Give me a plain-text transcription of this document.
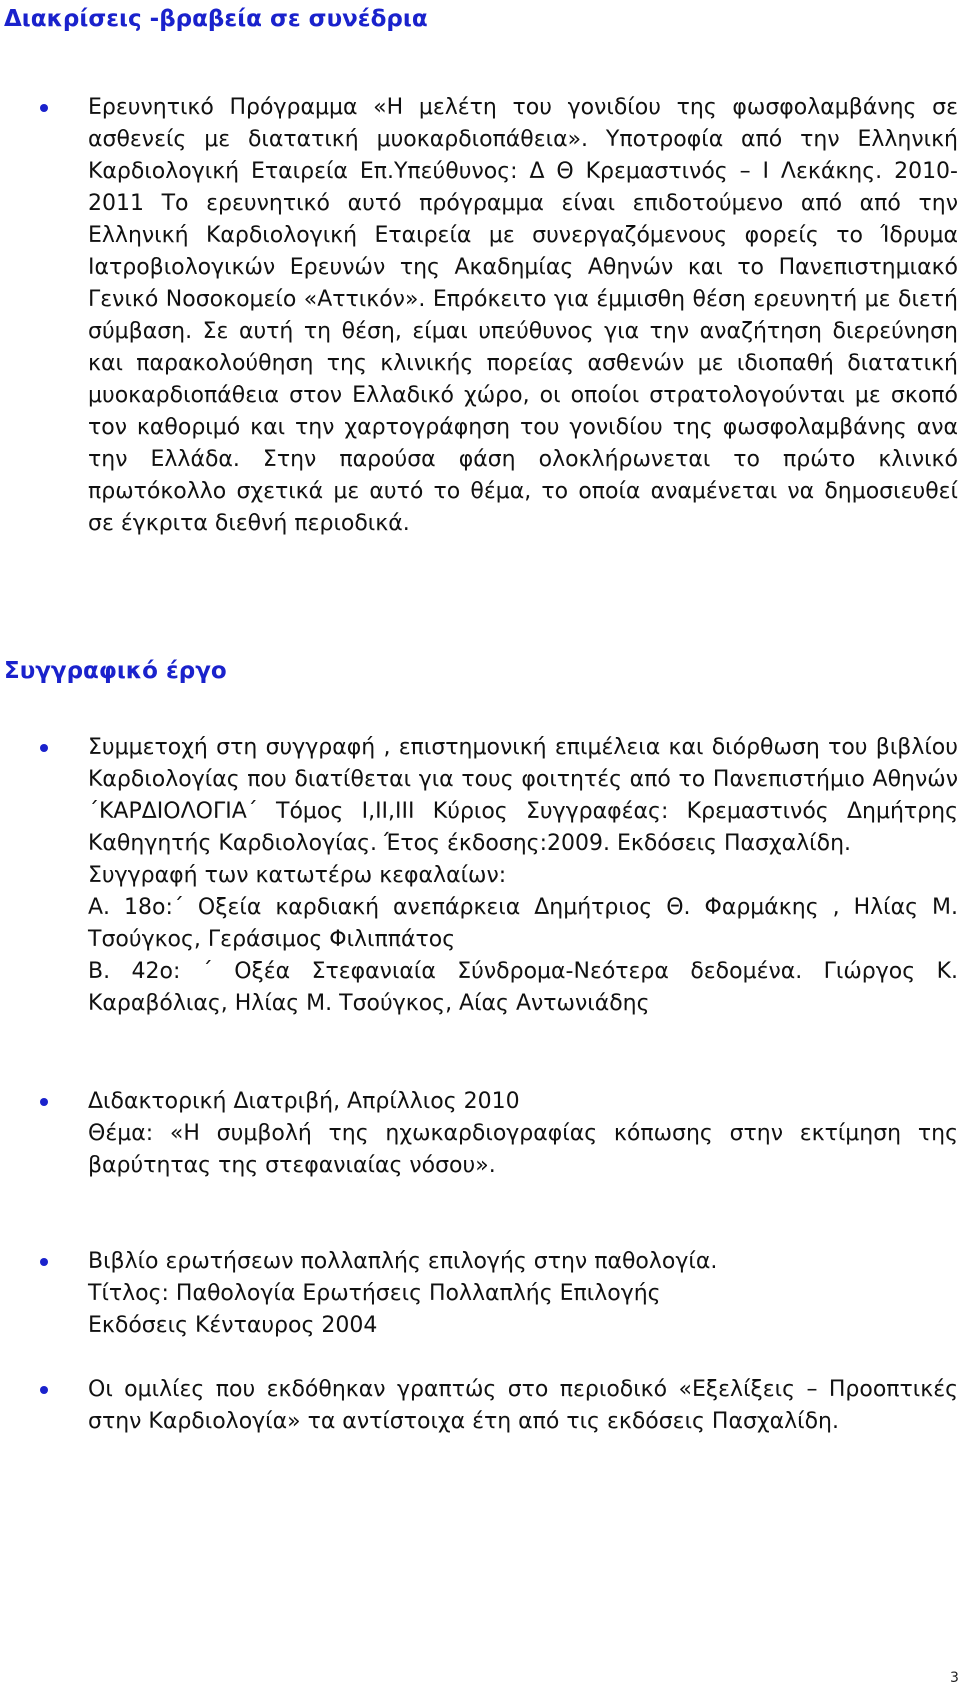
Διακρίσεις -βραβεία σε συνέδρια

Ερευνητικό Πρόγραμμα «Η μελέτη του γονιδίου της φωσφολαμβάνης σε ασθενείς με διατατική μυοκαρδιοπάθεια». Υποτροφία από την Ελληνική Καρδιολογική Εταιρεία Επ.Υπεύθυνος: Δ Θ Κρεμαστινός – Ι Λεκάκης. 2010-2011 Το ερευνητικό αυτό πρόγραμμα είναι επιδοτούμενο από από την Ελληνική Καρδιολογική Εταιρεία με συνεργαζόμενους φορείς το Ίδρυμα Ιατροβιολογικών Ερευνών της Ακαδημίας Αθηνών και το Πανεπιστημιακό Γενικό Νοσοκομείο «Αττικόν». Επρόκειτο για έμμισθη θέση ερευνητή με διετή σύμβαση. Σε αυτή τη θέση, είμαι υπεύθυνος για την αναζήτηση διερεύνηση και παρακολούθηση της κλινικής πορείας ασθενών με ιδιοπαθή διατατική μυοκαρδιοπάθεια στον Ελλαδικό χώρο, οι οποίοι στρατολογούνται με σκοπό τον καθοριμό και την χαρτογράφηση του γονιδίου της φωσφολαμβάνης ανα την Ελλάδα. Στην παρούσα φάση ολοκλήρωνεται το πρώτο κλινικό πρωτόκολλο σχετικά με αυτό το θέμα, το οποία αναμένεται να δημοσιευθεί σε έγκριτα διεθνή περιοδικά.

Συγγραφικό έργο

Συμμετοχή στη συγγραφή , επιστημονική επιμέλεια και διόρθωση του βιβλίου Καρδιολογίας που διατίθεται για τους φοιτητές από το Πανεπιστήμιο Αθηνών ΄ΚΑΡΔΙΟΛΟΓΙΑ΄ Τόμος Ι,ΙΙ,ΙΙΙ Κύριος Συγγραφέας: Κρεμαστινός Δημήτρης Καθηγητής Καρδιολογίας. Έτος έκδοσης:2009. Εκδόσεις Πασχαλίδη.

Συγγραφή των κατωτέρω κεφαλαίων:

Α. 18ο:΄ Οξεία καρδιακή ανεπάρκεια Δημήτριος Θ. Φαρμάκης , Ηλίας Μ. Τσούγκος, Γεράσιμος Φιλιππάτος

Β. 42ο: ΄ Οξέα Στεφανιαία Σύνδρομα-Νεότερα δεδομένα. Γιώργος Κ. Καραβόλιας, Ηλίας Μ. Τσούγκος, Αίας Αντωνιάδης

Διδακτορική Διατριβή, Απρίλλιος 2010

Θέμα: «Η συμβολή της ηχωκαρδιογραφίας κόπωσης στην εκτίμηση της βαρύτητας της στεφανιαίας νόσου».

Βιβλίο ερωτήσεων πολλαπλής επιλογής στην παθολογία.

Τίτλος: Παθολογία Ερωτήσεις Πολλαπλής Επιλογής

Εκδόσεις Κένταυρος 2004

Οι ομιλίες που εκδόθηκαν γραπτώς στο περιοδικό «Εξελίξεις – Προοπτικές στην Καρδιολογία» τα αντίστοιχα έτη από τις εκδόσεις Πασχαλίδη.

3
